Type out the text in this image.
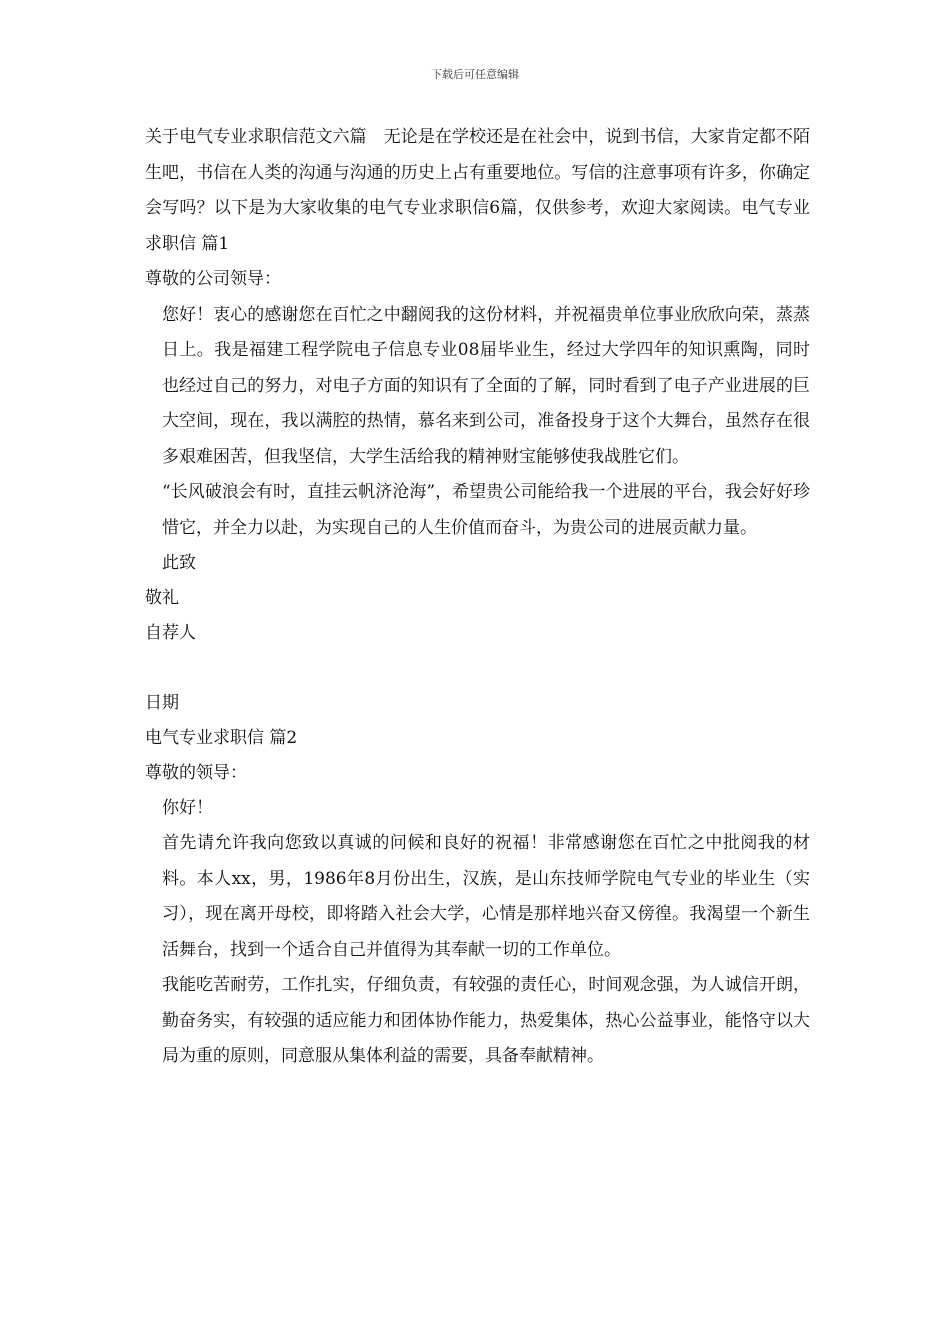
下载后可任意编辑

关于电气专业求职信范文六篇　无论是在学校还是在社会中，说到书信，大家肯定都不陌生吧，书信在人类的沟通与沟通的历史上占有重要地位。写信的注意事项有许多，你确定会写吗？以下是为大家收集的电气专业求职信6篇，仅供参考，欢迎大家阅读。电气专业求职信 篇1

尊敬的公司领导：

您好！衷心的感谢您在百忙之中翻阅我的这份材料，并祝福贵单位事业欣欣向荣，蒸蒸日上。我是福建工程学院电子信息专业08届毕业生，经过大学四年的知识熏陶，同时也经过自己的努力，对电子方面的知识有了全面的了解，同时看到了电子产业进展的巨大空间，现在，我以满腔的热情，慕名来到公司，准备投身于这个大舞台，虽然存在很多艰难困苦，但我坚信，大学生活给我的精神财宝能够使我战胜它们。

“长风破浪会有时，直挂云帆济沧海”，希望贵公司能给我一个进展的平台，我会好好珍惜它，并全力以赴，为实现自己的人生价值而奋斗，为贵公司的进展贡献力量。

此致

敬礼

自荐人

日期

电气专业求职信 篇2

尊敬的领导：

你好！

首先请允许我向您致以真诚的问候和良好的祝福！非常感谢您在百忙之中批阅我的材料。本人xx，男，1986年8月份出生，汉族，是山东技师学院电气专业的毕业生（实习），现在离开母校，即将踏入社会大学，心情是那样地兴奋又傍徨。我渴望一个新生活舞台，找到一个适合自己并值得为其奉献一切的工作单位。

我能吃苦耐劳，工作扎实，仔细负责，有较强的责任心，时间观念强，为人诚信开朗，勤奋务实，有较强的适应能力和团体协作能力，热爱集体，热心公益事业，能恪守以大局为重的原则，同意服从集体利益的需要，具备奉献精神。
